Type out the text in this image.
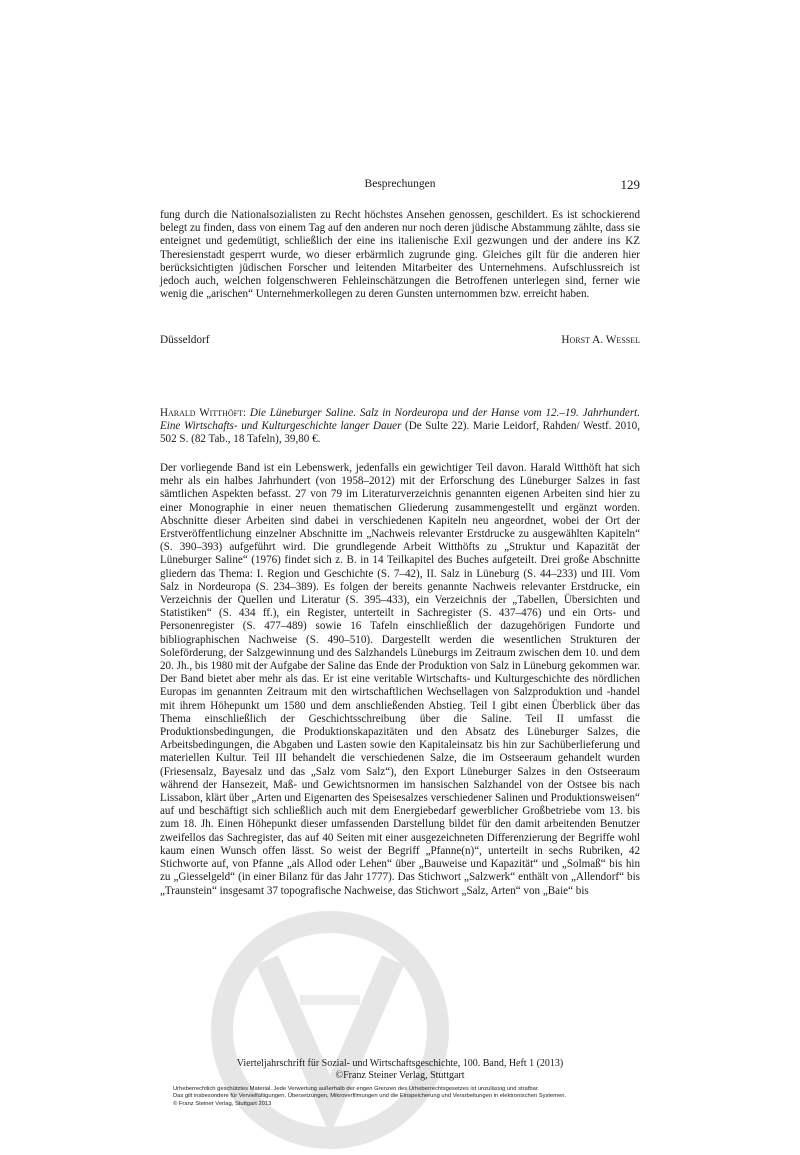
Besprechungen	129

fung durch die Nationalsozialisten zu Recht höchstes Ansehen genossen, geschildert. Es ist schockierend belegt zu finden, dass von einem Tag auf den anderen nur noch deren jüdische Abstammung zählte, dass sie enteignet und gedemütigt, schließlich der eine ins italienische Exil gezwungen und der andere ins KZ Theresienstadt gesperrt wurde, wo dieser erbärmlich zugrunde ging. Gleiches gilt für die anderen hier berücksichtigten jüdischen Forscher und leitenden Mitarbeiter des Unternehmens. Aufschlussreich ist jedoch auch, welchen folgenschweren Fehleinschätzungen die Betroffenen unterlegen sind, ferner wie wenig die „arischen“ Unternehmerkollegen zu deren Gunsten unternommen bzw. erreicht haben.

Düsseldorf	Horst A. Wessel

Harald Witthöft: Die Lüneburger Saline. Salz in Nordeuropa und der Hanse vom 12.–19. Jahrhundert. Eine Wirtschafts- und Kulturgeschichte langer Dauer (De Sulte 22). Marie Leidorf, Rahden/ Westf. 2010, 502 S. (82 Tab., 18 Tafeln), 39,80 €.

Der vorliegende Band ist ein Lebenswerk, jedenfalls ein gewichtiger Teil davon. Harald Witthöft hat sich mehr als ein halbes Jahrhundert (von 1958–2012) mit der Erforschung des Lüneburger Salzes in fast sämtlichen Aspekten befasst. 27 von 79 im Literaturverzeichnis genannten eigenen Arbeiten sind hier zu einer Monographie in einer neuen thematischen Gliederung zusammengestellt und ergänzt worden. Abschnitte dieser Arbeiten sind dabei in verschiedenen Kapiteln neu angeordnet, wobei der Ort der Erstveröffentlichung einzelner Abschnitte im „Nachweis relevanter Erstdrucke zu ausgewählten Kapiteln“ (S. 390–393) aufgeführt wird. Die grundlegende Arbeit Witthöfts zu „Struktur und Kapazität der Lüneburger Saline“ (1976) findet sich z. B. in 14 Teilkapitel des Buches aufgeteilt. Drei große Abschnitte gliedern das Thema: I. Region und Geschichte (S. 7–42), II. Salz in Lüneburg (S. 44–233) und III. Vom Salz in Nordeuropa (S. 234–389). Es folgen der bereits genannte Nachweis relevanter Erstdrucke, ein Verzeichnis der Quellen und Literatur (S. 395–433), ein Verzeichnis der „Tabellen, Übersichten und Statistiken“ (S. 434 ff.), ein Register, unterteilt in Sachregister (S. 437–476) und ein Orts- und Personenregister (S. 477–489) sowie 16 Tafeln einschließlich der dazugehörigen Fundorte und bibliographischen Nachweise (S. 490–510). Dargestellt werden die wesentlichen Strukturen der Soleförderung, der Salzgewinnung und des Salzhandels Lüneburgs im Zeitraum zwischen dem 10. und dem 20. Jh., bis 1980 mit der Aufgabe der Saline das Ende der Produktion von Salz in Lüneburg gekommen war. Der Band bietet aber mehr als das. Er ist eine veritable Wirtschafts- und Kulturgeschichte des nördlichen Europas im genannten Zeitraum mit den wirtschaftlichen Wechsellagen von Salzproduktion und -handel mit ihrem Höhepunkt um 1580 und dem anschließenden Abstieg. Teil I gibt einen Überblick über das Thema einschließlich der Geschichtsschreibung über die Saline. Teil II umfasst die Produktionsbedingungen, die Produktionskapazitäten und den Absatz des Lüneburger Salzes, die Arbeitsbedingungen, die Abgaben und Lasten sowie den Kapitaleinsatz bis hin zur Sachüberlieferung und materiellen Kultur. Teil III behandelt die verschiedenen Salze, die im Ostseeraum gehandelt wurden (Friesensalz, Bayesalz und das „Salz vom Salz“), den Export Lüneburger Salzes in den Ostseeraum während der Hansezeit, Maß- und Gewichtsnormen im hansischen Salzhandel von der Ostsee bis nach Lissabon, klärt über „Arten und Eigenarten des Speisesalzes verschiedener Salinen und Produktionsweisen“ auf und beschäftigt sich schließlich auch mit dem Energiebedarf gewerblicher Großbetriebe vom 13. bis zum 18. Jh. Einen Höhepunkt dieser umfassenden Darstellung bildet für den damit arbeitenden Benutzer zweifellos das Sachregister, das auf 40 Seiten mit einer ausgezeichneten Differenzierung der Begriffe wohl kaum einen Wunsch offen lässt. So weist der Begriff „Pfanne(n)“, unterteilt in sechs Rubriken, 42 Stichworte auf, von Pfanne „als Allod oder Lehen“ über „Bauweise und Kapazität“ und „Solmaß“ bis hin zu „Giesselgeld“ (in einer Bilanz für das Jahr 1777). Das Stichwort „Salzwerk“ enthält von „Allendorf“ bis „Traunstein“ insgesamt 37 topografische Nachweise, das Stichwort „Salz, Arten“ von „Baie“ bis

Vierteljahrschrift für Sozial- und Wirtschaftsgeschichte, 100. Band, Heft 1 (2013)
©Franz Steiner Verlag, Stuttgart
Urheberrechtlich geschütztes Material. Jede Verwertung außerhalb der engen Grenzen des Urheberrechtsgesetzes ist unzulässig und strafbar.
Das gilt insbesondere für Vervielfältigungen, Übersetzungen, Mikroverfilmungen und die Einspeicherung und Verarbeitungen in elektronischen Systemen.
© Franz Steiner Verlag, Stuttgart 2013
